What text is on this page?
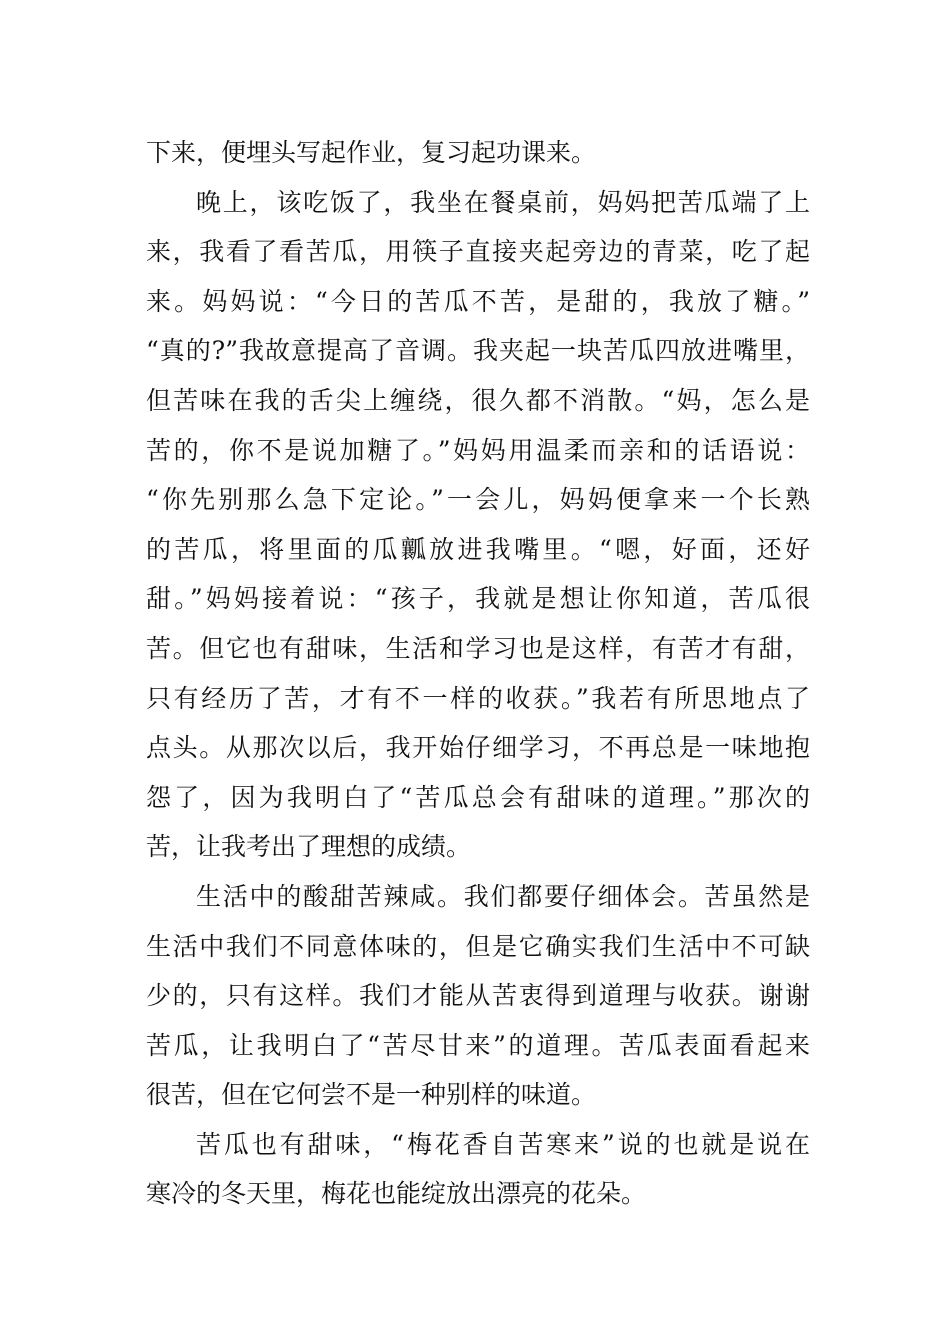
下来，便埋头写起作业，复习起功课来。

晚上，该吃饭了，我坐在餐桌前，妈妈把苦瓜端了上
来，我看了看苦瓜，用筷子直接夹起旁边的青菜，吃了起
来。妈妈说：“今日的苦瓜不苦，是甜的，我放了糖。”
“真的?”我故意提高了音调。我夹起一块苦瓜四放进嘴里，
但苦味在我的舌尖上缠绕，很久都不消散。“妈，怎么是
苦的，你不是说加糖了。”妈妈用温柔而亲和的话语说：
“你先别那么急下定论。”一会儿，妈妈便拿来一个长熟
的苦瓜，将里面的瓜瓤放进我嘴里。“嗯，好面，还好
甜。”妈妈接着说：“孩子，我就是想让你知道，苦瓜很
苦。但它也有甜味，生活和学习也是这样，有苦才有甜，
只有经历了苦，才有不一样的收获。”我若有所思地点了
点头。从那次以后，我开始仔细学习，不再总是一味地抱
怨了，因为我明白了“苦瓜总会有甜味的道理。”那次的
苦，让我考出了理想的成绩。

生活中的酸甜苦辣咸。我们都要仔细体会。苦虽然是
生活中我们不同意体味的，但是它确实我们生活中不可缺
少的，只有这样。我们才能从苦衷得到道理与收获。谢谢
苦瓜，让我明白了“苦尽甘来”的道理。苦瓜表面看起来
很苦，但在它何尝不是一种别样的味道。

苦瓜也有甜味，“梅花香自苦寒来”说的也就是说在
寒冷的冬天里，梅花也能绽放出漂亮的花朵。
